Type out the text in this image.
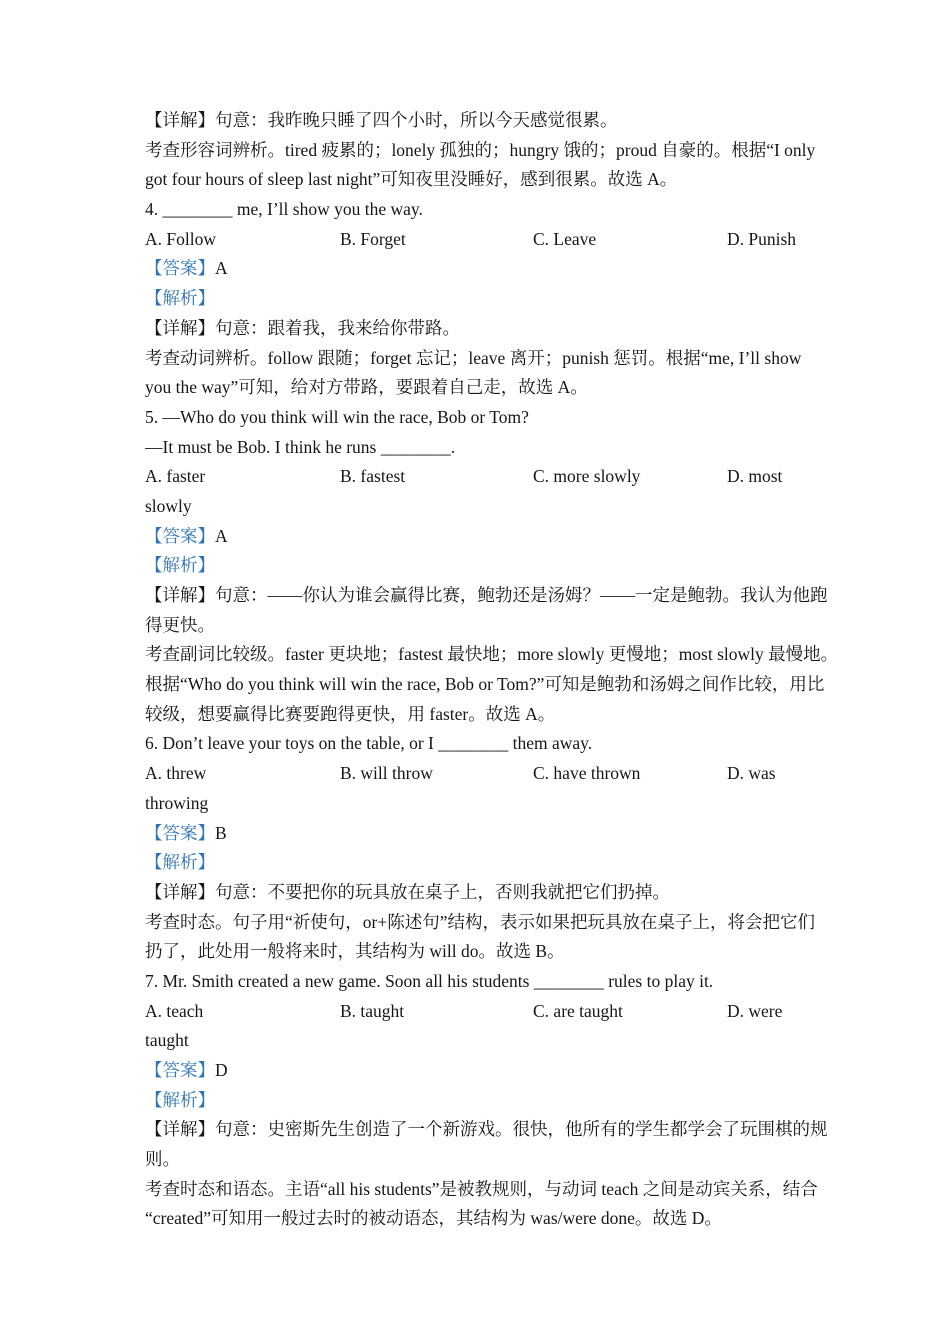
【详解】句意：我昨晚只睡了四个小时，所以今天感觉很累。
考查形容词辨析。tired 疲累的；lonely 孤独的；hungry 饿的；proud 自豪的。根据“I only
got four hours of sleep last night”可知夜里没睡好，感到很累。故选 A。
4. ________ me, I’ll show you the way.
A. Follow	B. Forget	C. Leave	D. Punish
【答案】A
【解析】
【详解】句意：跟着我，我来给你带路。
考查动词辨析。follow 跟随；forget 忘记；leave 离开；punish 惩罚。根据“me, I’ll show
you the way”可知，给对方带路，要跟着自己走，故选 A。
5. —Who do you think will win the race, Bob or Tom?
—It must be Bob. I think he runs ________.
A. faster	B. fastest	C. more slowly	D. most
slowly
【答案】A
【解析】
【详解】句意：——你认为谁会赢得比赛，鲍勃还是汤姆？——一定是鲍勃。我认为他跑
得更快。
考查副词比较级。faster 更块地；fastest 最快地；more slowly 更慢地；most slowly 最慢地。
根据“Who do you think will win the race, Bob or Tom?”可知是鲍勃和汤姆之间作比较，用比
较级，想要赢得比赛要跑得更快，用 faster。故选 A。
6. Don’t leave your toys on the table, or I ________ them away.
A. threw	B. will throw	C. have thrown	D. was
throwing
【答案】B
【解析】
【详解】句意：不要把你的玩具放在桌子上，否则我就把它们扔掉。
考查时态。句子用“祈使句，or+陈述句”结构，表示如果把玩具放在桌子上，将会把它们
扔了，此处用一般将来时，其结构为 will do。故选 B。
7. Mr. Smith created a new game. Soon all his students ________ rules to play it.
A. teach	B. taught	C. are taught	D. were
taught
【答案】D
【解析】
【详解】句意：史密斯先生创造了一个新游戏。很快，他所有的学生都学会了玩围棋的规
则。
考查时态和语态。主语“all his students”是被教规则，与动词 teach 之间是动宾关系，结合
“created”可知用一般过去时的被动语态，其结构为 was/were done。故选 D。
